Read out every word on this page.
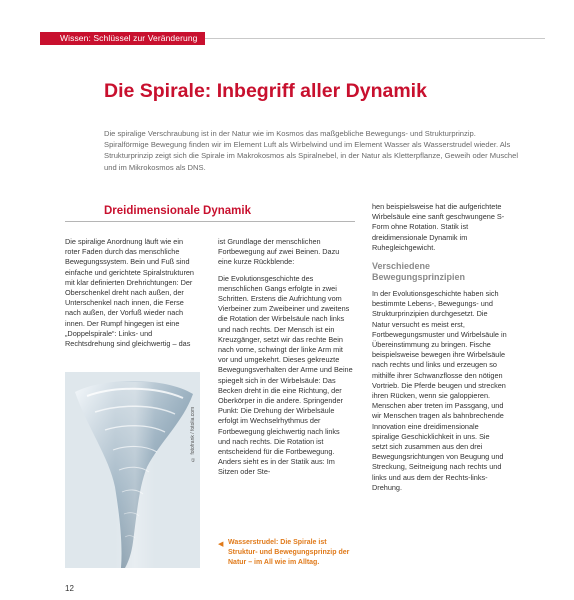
Wissen: Schlüssel zur Veränderung
Die Spirale: Inbegriff aller Dynamik

Die spiralige Verschraubung ist in der Natur wie im Kosmos das maßgebliche Bewegungs- und Strukturprinzip. Spiralförmige Bewegung finden wir im Element Luft als Wirbelwind und im Element Wasser als Wasserstrudel wieder. Als Strukturprinzip zeigt sich die Spirale im Makrokosmos als Spiralnebel, in der Natur als Kletterpflanze, Geweih oder Muschel und im Mikrokosmos als DNS.

Dreidimensionale Dynamik

Die spiralige Anordnung läuft wie ein roter Faden durch das menschliche Bewegungssystem. Bein und Fuß sind einfache und gerichtete Spiralstrukturen mit klar definierten Drehrichtungen: Der Oberschenkel dreht nach außen, der Unterschenkel nach innen, die Ferse nach außen, der Vorfuß wieder nach innen. Der Rumpf hingegen ist eine „Doppelspirale“: Links- und Rechtsdrehung sind gleichwertig – das

© fotofrank / fotolia.com

ist Grundlage der menschlichen Fortbewegung auf zwei Beinen. Dazu eine kurze Rückblende:

Die Evolutionsgeschichte des menschlichen Gangs erfolgte in zwei Schritten. Erstens die Aufrichtung vom Vierbeiner zum Zweibeiner und zweitens die Rotation der Wirbelsäule nach links und nach rechts. Der Mensch ist ein Kreuzgänger, setzt wir das rechte Bein nach vorne, schwingt der linke Arm mit vor und umgekehrt. Dieses gekreuzte Bewegungsverhalten der Arme und Beine spiegelt sich in der Wirbelsäule: Das Becken dreht in die eine Richtung, der Oberkörper in die andere. Springender Punkt: Die Drehung der Wirbelsäule erfolgt im Wechselrhythmus der Fortbewegung gleichwertig nach links und nach rechts. Die Rotation ist entscheidend für die Fortbewegung. Anders sieht es in der Statik aus: Im Sitzen oder Ste-

◀ Wasserstrudel: Die Spirale ist Struktur- und Bewegungsprinzip der Natur – im All wie im Alltag.

hen beispielsweise hat die aufgerichtete Wirbelsäule eine sanft geschwungene S-Form ohne Rotation. Statik ist dreidimensionale Dynamik im Ruhegleichgewicht.

Verschiedene Bewegungsprinzipien

In der Evolutionsgeschichte haben sich bestimmte Lebens-, Bewegungs- und Strukturprinzipien durchgesetzt. Die Natur versucht es meist erst, Fortbewegungsmuster und Wirbelsäule in Übereinstimmung zu bringen. Fische beispielsweise bewegen ihre Wirbelsäule nach rechts und links und erzeugen so mithilfe ihrer Schwanzflosse den nötigen Vortrieb. Die Pferde beugen und strecken ihren Rücken, wenn sie galoppieren. Menschen aber treten im Passgang, und wir Menschen tragen als bahnbrechende Innovation eine dreidimensionale spiralige Geschicklichkeit in uns. Sie setzt sich zusammen aus den drei Bewegungsrichtungen von Beugung und Streckung, Seitneigung nach rechts und links und aus dem der Rechts-links-Drehung.

12
